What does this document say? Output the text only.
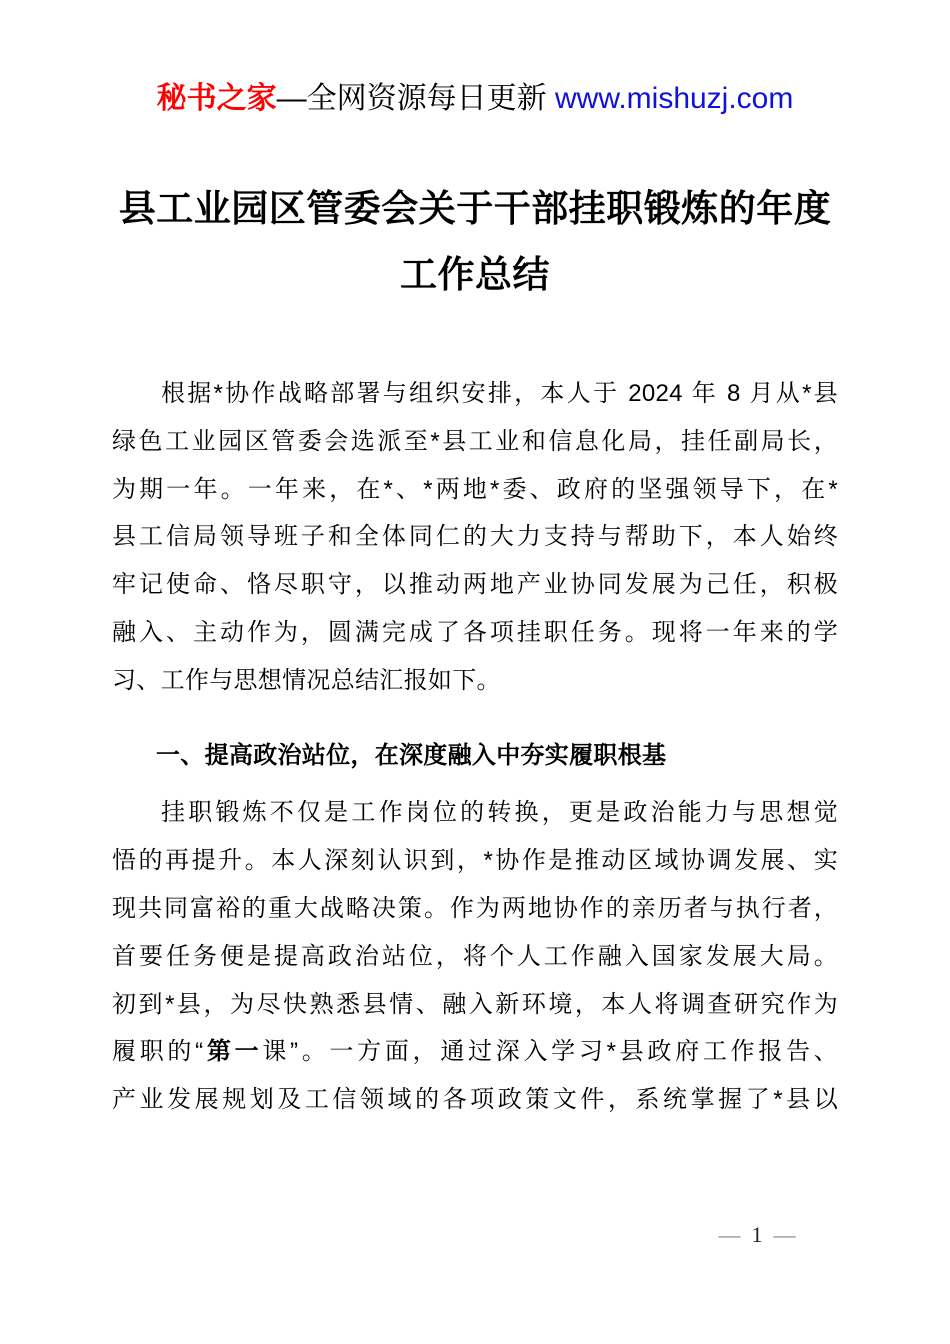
秘书之家—全网资源每日更新 www.mishuzj.com
县工业园区管委会关于干部挂职锻炼的年度
工作总结
根据*协作战略部署与组织安排，本人于 2024 年 8 月从*县
绿色工业园区管委会选派至*县工业和信息化局，挂任副局长，
为期一年。一年来，在*、*两地*委、政府的坚强领导下，在*
县工信局领导班子和全体同仁的大力支持与帮助下，本人始终
牢记使命、恪尽职守，以推动两地产业协同发展为己任，积极
融入、主动作为，圆满完成了各项挂职任务。现将一年来的学
习、工作与思想情况总结汇报如下。
一、提高政治站位，在深度融入中夯实履职根基
挂职锻炼不仅是工作岗位的转换，更是政治能力与思想觉
悟的再提升。本人深刻认识到，*协作是推动区域协调发展、实
现共同富裕的重大战略决策。作为两地协作的亲历者与执行者，
首要任务便是提高政治站位，将个人工作融入国家发展大局。
初到*县，为尽快熟悉县情、融入新环境，本人将调查研究作为
履职的“第一课”。一方面，通过深入学习*县政府工作报告、
产业发展规划及工信领域的各项政策文件，系统掌握了*县以
— 1 —
